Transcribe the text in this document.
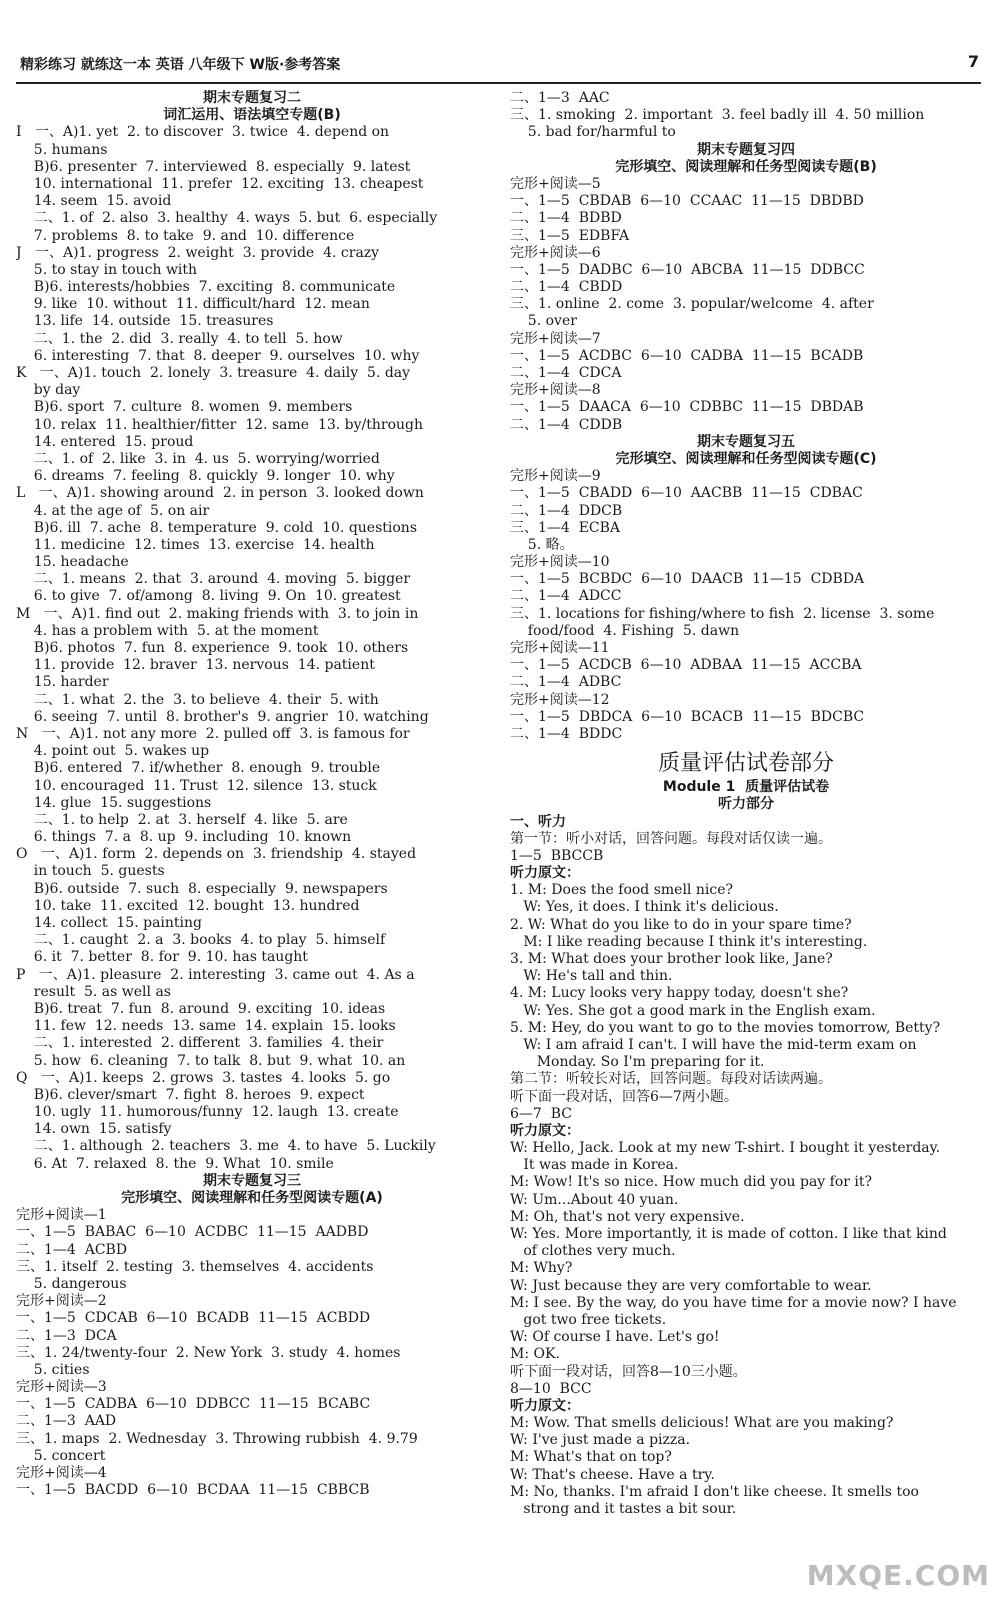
精彩练习 就练这一本 英语 八年级下 W版·参考答案	7
期末专题复习二
词汇运用、语法填空专题(B)
I   一、A)1. yet  2. to discover  3. twice  4. depend on
5. humans
B)6. presenter  7. interviewed  8. especially  9. latest
10. international  11. prefer  12. exciting  13. cheapest
14. seem  15. avoid
二、1. of  2. also  3. healthy  4. ways  5. but  6. especially
7. problems  8. to take  9. and  10. difference
J   一、A)1. progress  2. weight  3. provide  4. crazy
5. to stay in touch with
B)6. interests/hobbies  7. exciting  8. communicate
9. like  10. without  11. difficult/hard  12. mean
13. life  14. outside  15. treasures
二、1. the  2. did  3. really  4. to tell  5. how
6. interesting  7. that  8. deeper  9. ourselves  10. why
K   一、A)1. touch  2. lonely  3. treasure  4. daily  5. day
by day
B)6. sport  7. culture  8. women  9. members
10. relax  11. healthier/fitter  12. same  13. by/through
14. entered  15. proud
二、1. of  2. like  3. in  4. us  5. worrying/worried
6. dreams  7. feeling  8. quickly  9. longer  10. why
L   一、A)1. showing around  2. in person  3. looked down
4. at the age of  5. on air
B)6. ill  7. ache  8. temperature  9. cold  10. questions
11. medicine  12. times  13. exercise  14. health
15. headache
二、1. means  2. that  3. around  4. moving  5. bigger
6. to give  7. of/among  8. living  9. On  10. greatest
M   一、A)1. find out  2. making friends with  3. to join in
4. has a problem with  5. at the moment
B)6. photos  7. fun  8. experience  9. took  10. others
11. provide  12. braver  13. nervous  14. patient
15. harder
二、1. what  2. the  3. to believe  4. their  5. with
6. seeing  7. until  8. brother's  9. angrier  10. watching
N   一、A)1. not any more  2. pulled off  3. is famous for
4. point out  5. wakes up
B)6. entered  7. if/whether  8. enough  9. trouble
10. encouraged  11. Trust  12. silence  13. stuck
14. glue  15. suggestions
二、1. to help  2. at  3. herself  4. like  5. are
6. things  7. a  8. up  9. including  10. known
O   一、A)1. form  2. depends on  3. friendship  4. stayed
in touch  5. guests
B)6. outside  7. such  8. especially  9. newspapers
10. take  11. excited  12. bought  13. hundred
14. collect  15. painting
二、1. caught  2. a  3. books  4. to play  5. himself
6. it  7. better  8. for  9. 10. has taught
P   一、A)1. pleasure  2. interesting  3. came out  4. As a
result  5. as well as
B)6. treat  7. fun  8. around  9. exciting  10. ideas
11. few  12. needs  13. same  14. explain  15. looks
二、1. interested  2. different  3. families  4. their
5. how  6. cleaning  7. to talk  8. but  9. what  10. an
Q   一、A)1. keeps  2. grows  3. tastes  4. looks  5. go
B)6. clever/smart  7. fight  8. heroes  9. expect
10. ugly  11. humorous/funny  12. laugh  13. create
14. own  15. satisfy
二、1. although  2. teachers  3. me  4. to have  5. Luckily
6. At  7. relaxed  8. the  9. What  10. smile
期末专题复习三
完形填空、阅读理解和任务型阅读专题(A)
完形+阅读—1
一、1—5  BABAC  6—10  ACDBC  11—15  AADBD
二、1—4  ACBD
三、1. itself  2. testing  3. themselves  4. accidents
5. dangerous
完形+阅读—2
一、1—5  CDCAB  6—10  BCADB  11—15  ACBDD
二、1—3  DCA
三、1. 24/twenty-four  2. New York  3. study  4. homes
5. cities
完形+阅读—3
一、1—5  CADBA  6—10  DDBCC  11—15  BCABC
二、1—3  AAD
三、1. maps  2. Wednesday  3. Throwing rubbish  4. 9.79
5. concert
完形+阅读—4
一、1—5  BACDD  6—10  BCDAA  11—15  CBBCB
二、1—3  AAC
三、1. smoking  2. important  3. feel badly ill  4. 50 million
5. bad for/harmful to
期末专题复习四
完形填空、阅读理解和任务型阅读专题(B)
完形+阅读—5
一、1—5  CBDAB  6—10  CCAAC  11—15  DBDBD
二、1—4  BDBD
三、1—5  EDBFA
完形+阅读—6
一、1—5  DADBC  6—10  ABCBA  11—15  DDBCC
二、1—4  CBDD
三、1. online  2. come  3. popular/welcome  4. after
5. over
完形+阅读—7
一、1—5  ACDBC  6—10  CADBA  11—15  BCADB
二、1—4  CDCA
完形+阅读—8
一、1—5  DAACA  6—10  CDBBC  11—15  DBDAB
二、1—4  CDDB
期末专题复习五
完形填空、阅读理解和任务型阅读专题(C)
完形+阅读—9
一、1—5  CBADD  6—10  AACBB  11—15  CDBAC
二、1—4  DDCB
三、1—4  ECBA
5. 略。
完形+阅读—10
一、1—5  BCBDC  6—10  DAACB  11—15  CDBDA
二、1—4  ADCC
三、1. locations for fishing/where to fish  2. license  3. some
food/food  4. Fishing  5. dawn
完形+阅读—11
一、1—5  ACDCB  6—10  ADBAA  11—15  ACCBA
二、1—4  ADBC
完形+阅读—12
一、1—5  DBDCA  6—10  BCACB  11—15  BDCBC
二、1—4  BDDC
质量评估试卷部分
Module 1  质量评估试卷
听力部分
一、听力
第一节：听小对话，回答问题。每段对话仅读一遍。
1—5  BBCCB
听力原文：
1. M: Does the food smell nice?
W: Yes, it does. I think it's delicious.
2. W: What do you like to do in your spare time?
M: I like reading because I think it's interesting.
3. M: What does your brother look like, Jane?
W: He's tall and thin.
4. M: Lucy looks very happy today, doesn't she?
W: Yes. She got a good mark in the English exam.
5. M: Hey, do you want to go to the movies tomorrow, Betty?
W: I am afraid I can't. I will have the mid-term exam on
Monday. So I'm preparing for it.
第二节：听较长对话，回答问题。每段对话读两遍。
听下面一段对话，回答6—7两小题。
6—7  BC
听力原文：
W: Hello, Jack. Look at my new T-shirt. I bought it yesterday.
It was made in Korea.
M: Wow! It's so nice. How much did you pay for it?
W: Um...About 40 yuan.
M: Oh, that's not very expensive.
W: Yes. More importantly, it is made of cotton. I like that kind
of clothes very much.
M: Why?
W: Just because they are very comfortable to wear.
M: I see. By the way, do you have time for a movie now? I have
got two free tickets.
W: Of course I have. Let's go!
M: OK.
听下面一段对话，回答8—10三小题。
8—10  BCC
听力原文：
M: Wow. That smells delicious! What are you making?
W: I've just made a pizza.
M: What's that on top?
W: That's cheese. Have a try.
M: No, thanks. I'm afraid I don't like cheese. It smells too
strong and it tastes a bit sour.
MXQE.COM
